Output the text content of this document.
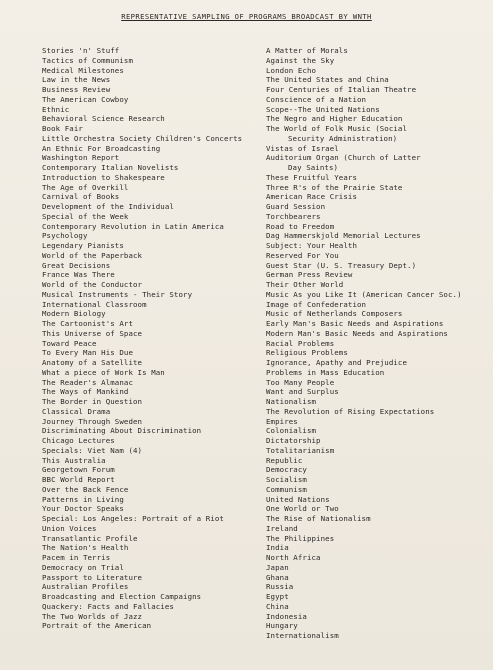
REPRESENTATIVE SAMPLING OF PROGRAMS BROADCAST BY WNTH
Stories 'n' Stuff
Tactics of Communism
Medical Milestones
Law in the News
Business Review
The American Cowboy
Ethnic
Behavioral Science Research
Book Fair
Little Orchestra Society Children's Concerts
An Ethnic For Broadcasting
Washington Report
Contemporary Italian Novelists
Introduction to Shakespeare
The Age of Overkill
Carnival of Books
Development of the Individual
Special of the Week
Contemporary Revolution in Latin America
Psychology
Legendary Pianists
World of the Paperback
Great Decisions
France Was There
World of the Conductor
Musical Instruments - Their Story
International Classroom
Modern Biology
The Cartoonist's Art
This Universe of Space
Toward Peace
To Every Man His Due
Anatomy of a Satellite
What a piece of Work Is Man
The Reader's Almanac
The Ways of Mankind
The Border in Question
Classical Drama
Journey Through Sweden
Discriminating About Discrimination
Chicago Lectures
Specials: Viet Nam (4)
This Australia
Georgetown Forum
BBC World Report
Over the Back Fence
Patterns in Living
Your Doctor Speaks
Special: Los Angeles: Portrait of a Riot
Union Voices
Transatlantic Profile
The Nation's Health
Pacem in Terris
Democracy on Trial
Passport to Literature
Australian Profiles
Broadcasting and Election Campaigns
Quackery: Facts and Fallacies
The Two Worlds of Jazz
Portrait of the American
A Matter of Morals
Against the Sky
London Echo
The United States and China
Four Centuries of Italian Theatre
Conscience of a Nation
Scope--The United Nations
The Negro and Higher Education
The World of Folk Music (Social
Security Administration)
Vistas of Israel
Auditorium Organ (Church of Latter
Day Saints)
These Fruitful Years
Three R's of the Prairie State
American Race Crisis
Guard Session
Torchbearers
Road to Freedom
Dag Hammerskjold Memorial Lectures
Subject: Your Health
Reserved For You
Guest Star (U. S. Treasury Dept.)
German Press Review
Their Other World
Music As you Like It (American Cancer Soc.)
Image of Confederation
Music of Netherlands Composers
Early Man's Basic Needs and Aspirations
Modern Man's Basic Needs and Aspirations
Racial Problems
Religious Problems
Ignorance, Apathy and Prejudice
Problems in Mass Education
Too Many People
Want and Surplus
Nationalism
The Revolution of Rising Expectations
Empires
Colonialism
Dictatorship
Totalitarianism
Republic
Democracy
Socialism
Communism
United Nations
One World or Two
The Rise of Nationalism
Ireland
The Philippines
India
North Africa
Japan
Ghana
Russia
Egypt
China
Indonesia
Hungary
Internationalism
